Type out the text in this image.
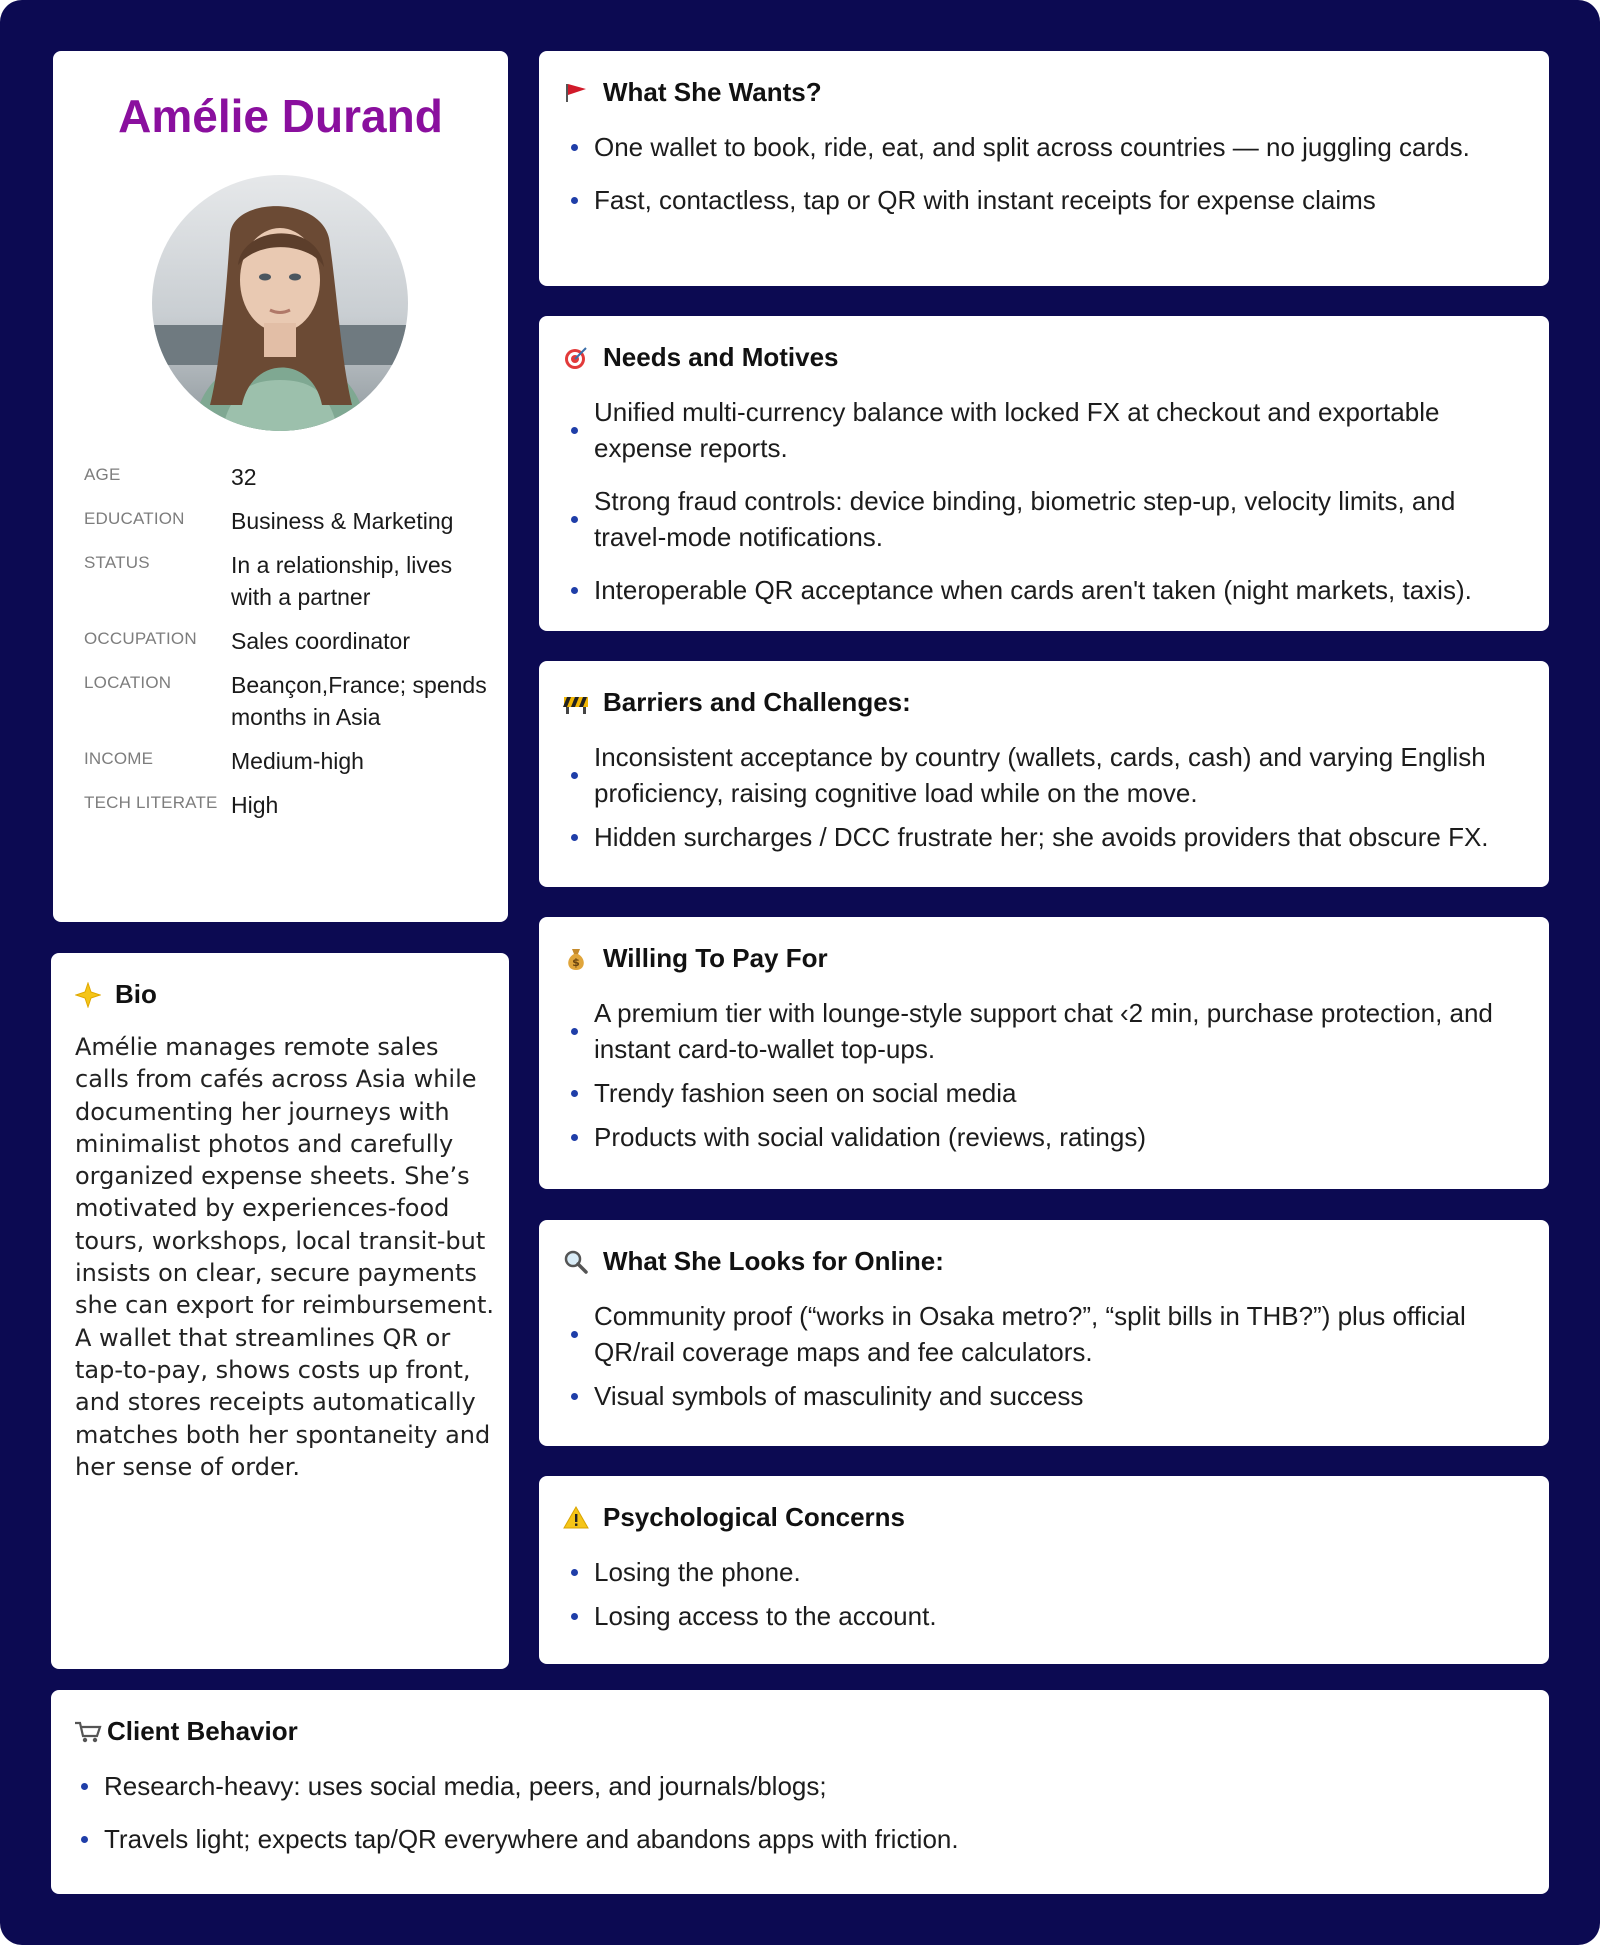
Amélie Durand
AGE	32
EDUCATION	Business & Marketing
STATUS	In a relationship, lives with a partner
OCCUPATION	Sales coordinator
LOCATION	Beançon,France; spends months in Asia
INCOME	Medium-high
TECH LITERATE High
Bio

Amélie manages remote sales calls from cafés across Asia while documenting her journeys with minimalist photos and carefully organized expense sheets. She’s motivated by experiences-food tours, workshops, local transit-but insists on clear, secure payments she can export for reimbursement. A wallet that streamlines QR or tap-to-pay, shows costs up front, and stores receipts automatically matches both her spontaneity and her sense of order.

What She Wants?
One wallet to book, ride, eat, and split across countries — no juggling cards.
Fast, contactless, tap or QR with instant receipts for expense claims
Needs and Motives
Unified multi-currency balance with locked FX at checkout and exportable expense reports.
Strong fraud controls: device binding, biometric step-up, velocity limits, and travel-mode notifications.
Interoperable QR acceptance when cards aren't taken (night markets, taxis).
Barriers and Challenges:
Inconsistent acceptance by country (wallets, cards, cash) and varying English proficiency, raising cognitive load while on the move.
Hidden surcharges / DCC frustrate her; she avoids providers that obscure FX.
$ Willing To Pay For
A premium tier with lounge-style support chat ‹2 min, purchase protection, and instant card-to-wallet top-ups.
Trendy fashion seen on social media
Products with social validation (reviews, ratings)
What She Looks for Online:
Community proof (“works in Osaka metro?”, “split bills in THB?”) plus official QR/rail coverage maps and fee calculators.
Visual symbols of masculinity and success
Psychological Concerns
Losing the phone.
Losing access to the account.
Client Behavior
Research-heavy: uses social media, peers, and journals/blogs;
Travels light; expects tap/QR everywhere and abandons apps with friction.
